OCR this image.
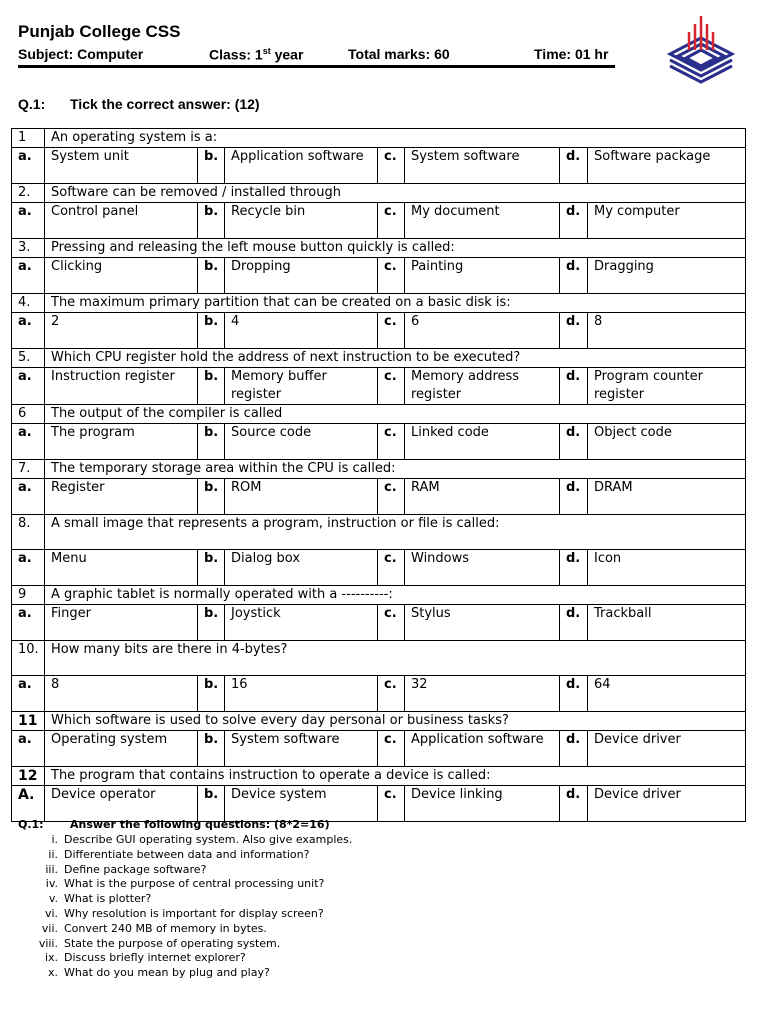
Punjab College CSS
Subject: Computer	Class: 1st year	Total marks: 60	Time: 01 hr
Q.1: Tick the correct answer: (12)
1	An operating system is a:						
a.	System unit	b.	Application software	c.	System software	d.	Software package
2.	Software can be removed / installed through						
a.	Control panel	b.	Recycle bin	c.	My document	d.	My computer
3.	Pressing and releasing the left mouse button quickly is called:						
a.	Clicking	b.	Dropping	c.	Painting	d.	Dragging
4.	The maximum primary partition that can be created on a basic disk is:						
a.	2	b.	4	c.	6	d.	8
5.	Which CPU register hold the address of next instruction to be executed?						
a.	Instruction register	b.	Memory buffer register	c.	Memory address register	d.	Program counter register
6	The output of the compiler is called						
a.	The program	b.	Source code	c.	Linked code	d.	Object code
7.	The temporary storage area within the CPU is called:						
a.	Register	b.	ROM	c.	RAM	d.	DRAM
8.	A small image that represents a program, instruction or file is called:						
a.	Menu	b.	Dialog box	c.	Windows	d.	Icon
9	A graphic tablet is normally operated with a ----------:						
a.	Finger	b.	Joystick	c.	Stylus	d.	Trackball
10.	How many bits are there in 4-bytes?						
a.	8	b.	16	c.	32	d.	64
11	Which software is used to solve every day personal or business tasks?						
a.	Operating system	b.	System software	c.	Application software	d.	Device driver
12	The program that contains instruction to operate a device is called:						
A.	Device operator	b.	Device system	c.	Device linking	d.	Device driver
Q.1: Answer the following questions: (8*2=16)
i. Describe GUI operating system. Also give examples.
ii. Differentiate between data and information?
iii. Define package software?
iv. What is the purpose of central processing unit?
v. What is plotter?
vi. Why resolution is important for display screen?
vii. Convert 240 MB of memory in bytes.
viii. State the purpose of operating system.
ix. Discuss briefly internet explorer?
x. What do you mean by plug and play?
